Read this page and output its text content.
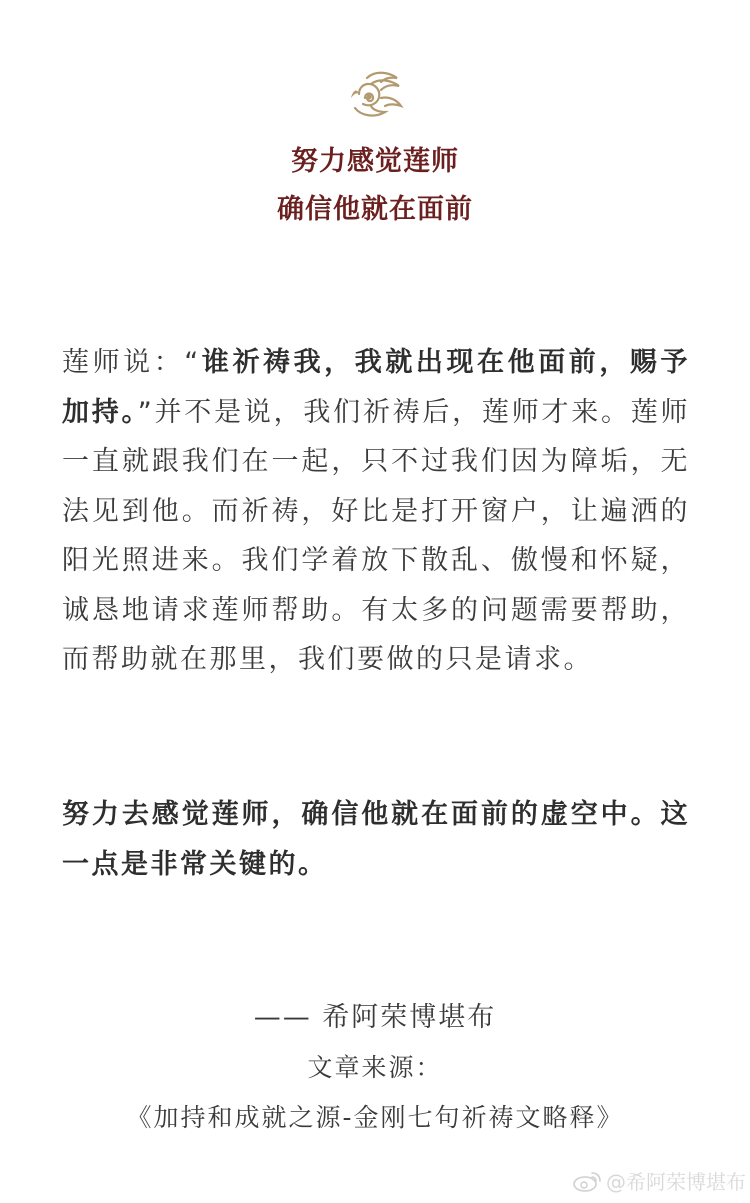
努力感觉莲师
确信他就在面前
莲师说：“谁祈祷我，我就出现在他面前，赐予加持。”并不是说，我们祈祷后，莲师才来。莲师一直就跟我们在一起，只不过我们因为障垢，无法见到他。而祈祷，好比是打开窗户，让遍洒的阳光照进来。我们学着放下散乱、傲慢和怀疑，诚恳地请求莲师帮助。有太多的问题需要帮助，而帮助就在那里，我们要做的只是请求。
努力去感觉莲师，确信他就在面前的虚空中。这一点是非常关键的。
—— 希阿荣博堪布
文章来源：
《加持和成就之源-金刚七句祈祷文略释》
@希阿荣博堪布
